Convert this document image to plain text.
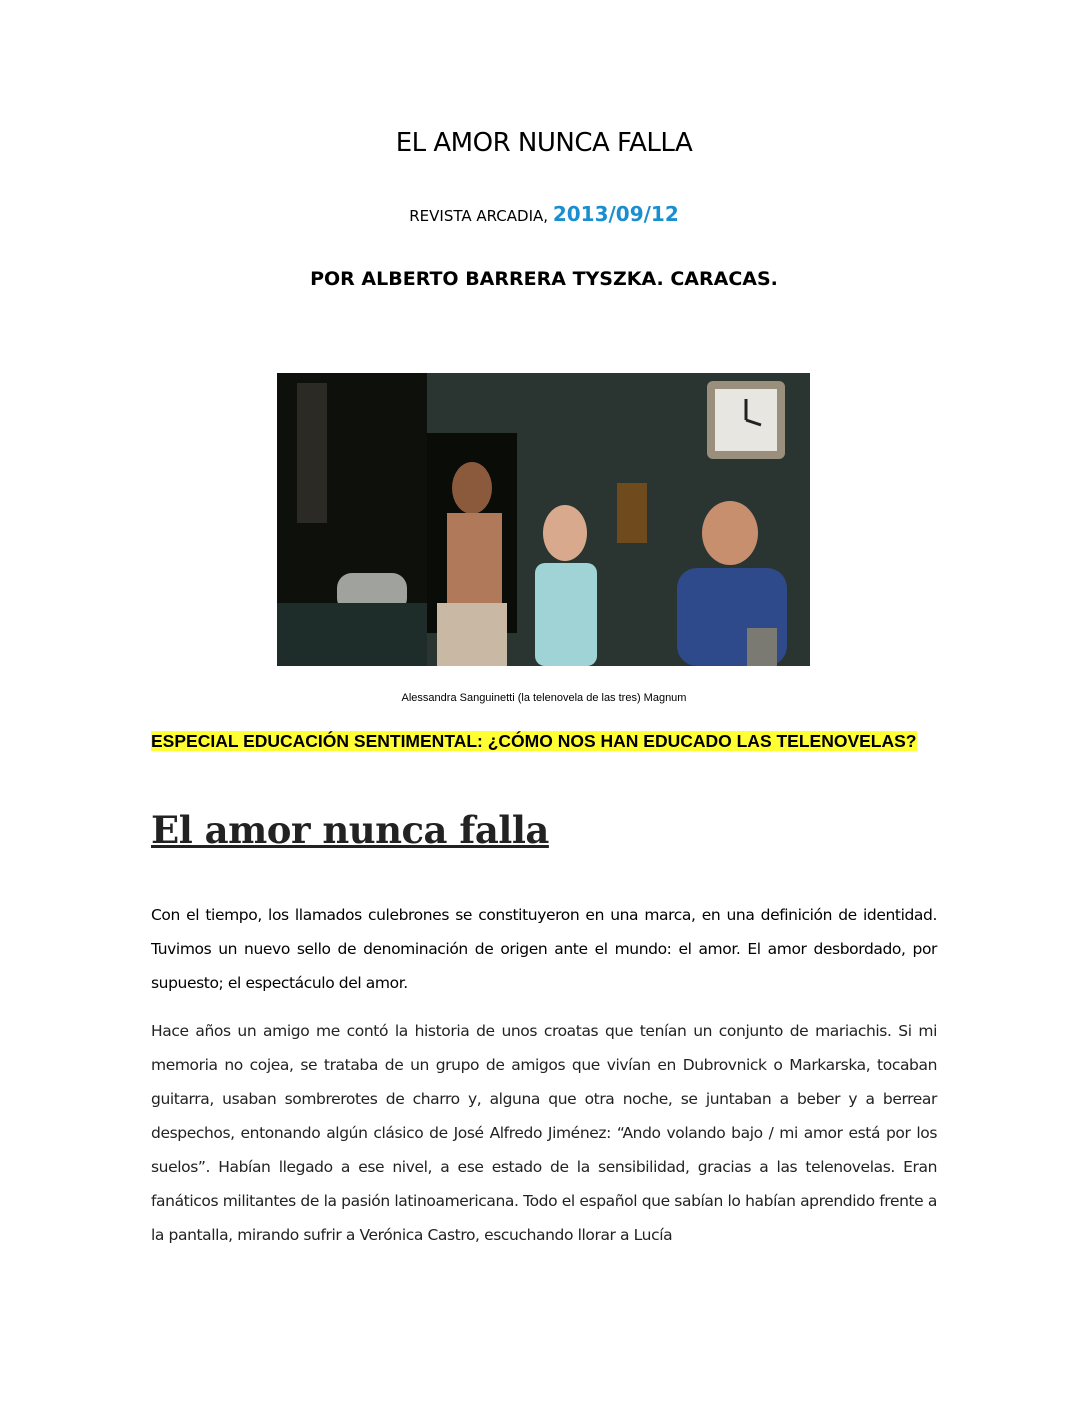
EL AMOR NUNCA FALLA
REVISTA ARCADIA, 2013/09/12
POR ALBERTO BARRERA TYSZKA. CARACAS.
Alessandra Sanguinetti (la telenovela de las tres) Magnum
ESPECIAL EDUCACIÓN SENTIMENTAL: ¿CÓMO NOS HAN EDUCADO LAS TELENOVELAS?
El amor nunca falla
Con el tiempo, los llamados culebrones se constituyeron en una marca, en una definición de identidad. Tuvimos un nuevo sello de denominación de origen ante el mundo: el amor. El amor desbordado, por supuesto; el espectáculo del amor.
Hace años un amigo me contó la historia de unos croatas que tenían un conjunto de mariachis. Si mi memoria no cojea, se trataba de un grupo de amigos que vivían en Dubrovnick o Markarska, tocaban guitarra, usaban sombrerotes de charro y, alguna que otra noche, se juntaban a beber y a berrear despechos, entonando algún clásico de José Alfredo Jiménez: “Ando volando bajo / mi amor está por los suelos”. Habían llegado a ese nivel, a ese estado de la sensibilidad, gracias a las telenovelas. Eran fanáticos militantes de la pasión latinoamericana. Todo el español que sabían lo habían aprendido frente a la pantalla, mirando sufrir a Verónica Castro, escuchando llorar a Lucía
